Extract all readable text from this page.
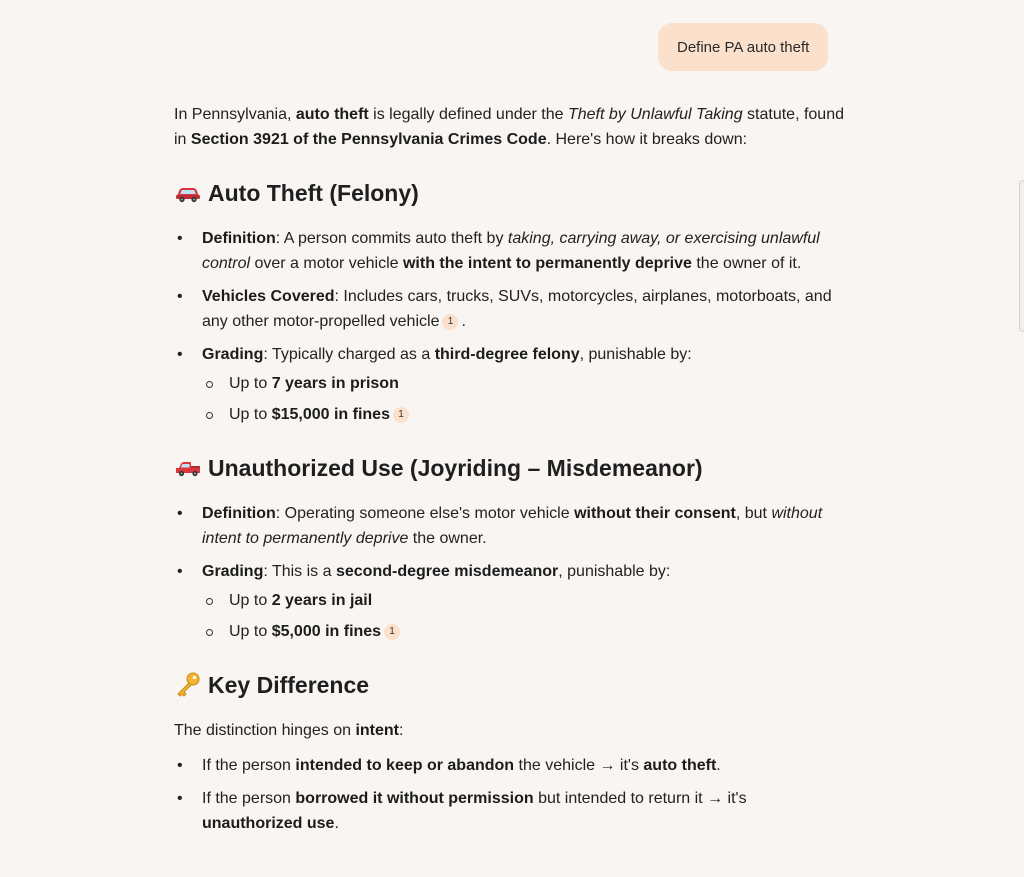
Define PA auto theft

In Pennsylvania, auto theft is legally defined under the Theft by Unlawful Taking statute, found in Section 3921 of the Pennsylvania Crimes Code. Here's how it breaks down:

Auto Theft (Felony)
• Definition: A person commits auto theft by taking, carrying away, or exercising unlawful control over a motor vehicle with the intent to permanently deprive the owner of it.
• Vehicles Covered: Includes cars, trucks, SUVs, motorcycles, airplanes, motorboats, and any other motor-propelled vehicle 1 .
• Grading: Typically charged as a third-degree felony, punishable by:
Up to 7 years in prison
Up to $15,000 in fines 1
Unauthorized Use (Joyriding – Misdemeanor)
• Definition: Operating someone else's motor vehicle without their consent, but without intent to permanently deprive the owner.
• Grading: This is a second-degree misdemeanor, punishable by:
Up to 2 years in jail
Up to $5,000 in fines 1
Key Difference

The distinction hinges on intent:

• If the person intended to keep or abandon the vehicle → it's auto theft.
• If the person borrowed it without permission but intended to return it → it's unauthorized use.
